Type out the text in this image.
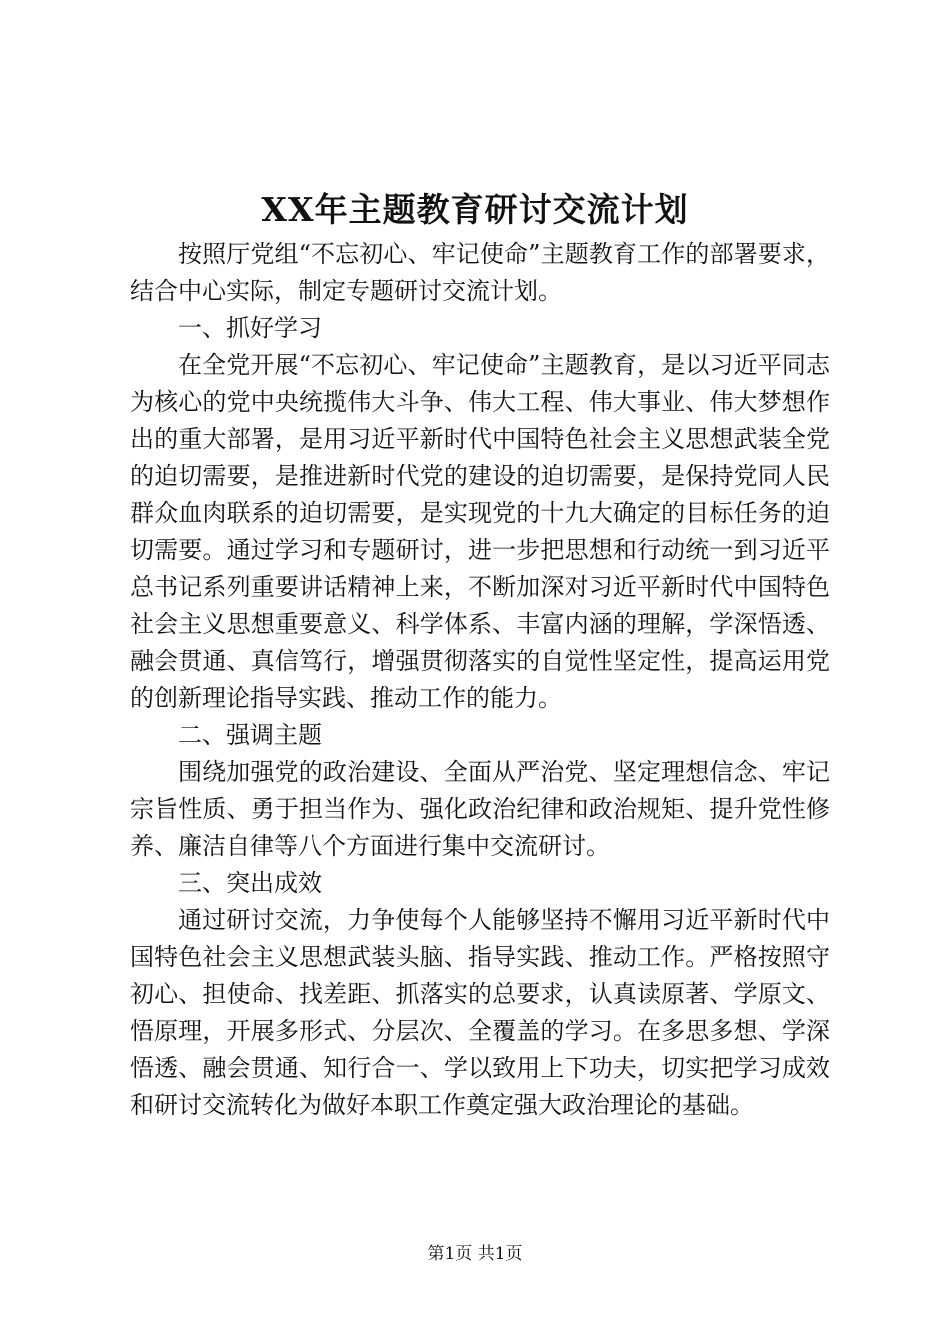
XX年主题教育研讨交流计划

按照厅党组“不忘初心、牢记使命”主题教育工作的部署要求，结合中心实际，制定专题研讨交流计划。

一、抓好学习

在全党开展“不忘初心、牢记使命”主题教育，是以习近平同志为核心的党中央统揽伟大斗争、伟大工程、伟大事业、伟大梦想作出的重大部署，是用习近平新时代中国特色社会主义思想武装全党的迫切需要，是推进新时代党的建设的迫切需要，是保持党同人民群众血肉联系的迫切需要，是实现党的十九大确定的目标任务的迫切需要。通过学习和专题研讨，进一步把思想和行动统一到习近平总书记系列重要讲话精神上来，不断加深对习近平新时代中国特色社会主义思想重要意义、科学体系、丰富内涵的理解，学深悟透、融会贯通、真信笃行，增强贯彻落实的自觉性坚定性，提高运用党的创新理论指导实践、推动工作的能力。

二、强调主题

围绕加强党的政治建设、全面从严治党、坚定理想信念、牢记宗旨性质、勇于担当作为、强化政治纪律和政治规矩、提升党性修养、廉洁自律等八个方面进行集中交流研讨。

三、突出成效

通过研讨交流，力争使每个人能够坚持不懈用习近平新时代中国特色社会主义思想武装头脑、指导实践、推动工作。严格按照守初心、担使命、找差距、抓落实的总要求，认真读原著、学原文、悟原理，开展多形式、分层次、全覆盖的学习。在多思多想、学深悟透、融会贯通、知行合一、学以致用上下功夫，切实把学习成效和研讨交流转化为做好本职工作奠定强大政治理论的基础。

第1页 共1页
